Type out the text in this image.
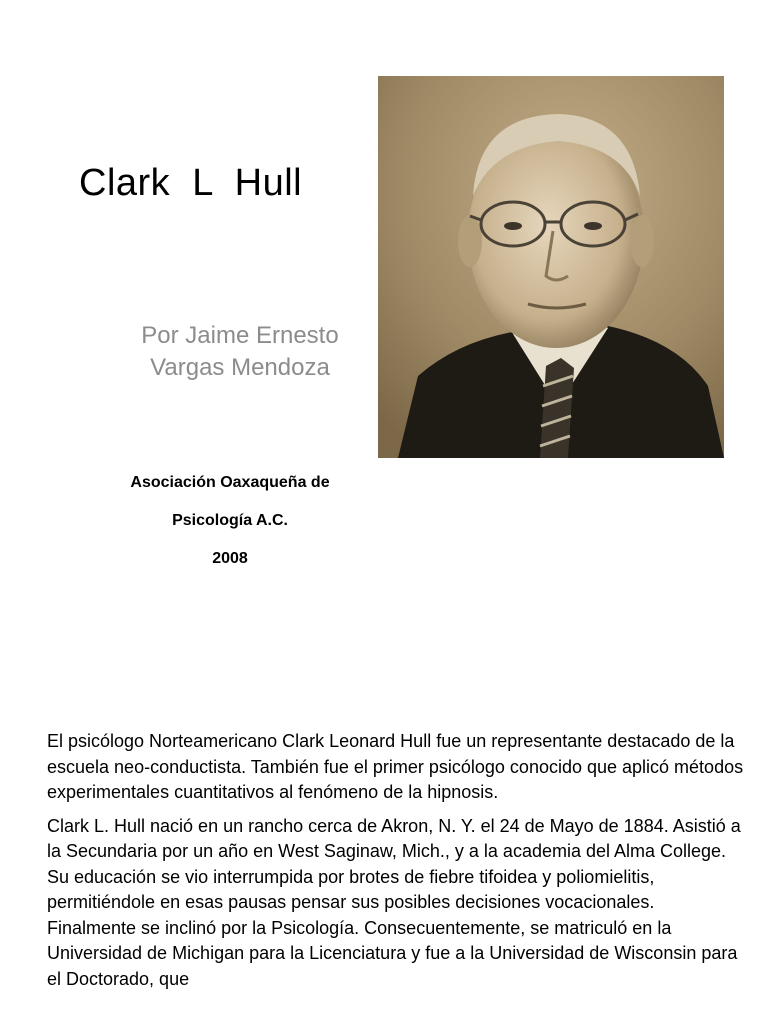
Clark  L  Hull
Por Jaime Ernesto Vargas Mendoza
Asociación Oaxaqueña de
Psicología A.C.
2008

El psicólogo Norteamericano Clark Leonard Hull fue un representante destacado de la escuela neo-conductista. También fue el primer psicólogo conocido que aplicó métodos experimentales cuantitativos al fenómeno de la hipnosis.

Clark L. Hull nació en un rancho cerca de Akron, N. Y. el 24 de Mayo de 1884. Asistió a la Secundaria por un año en West Saginaw, Mich., y a la academia del Alma College. Su educación se vio interrumpida por brotes de fiebre tifoidea y poliomielitis, permitiéndole en esas pausas pensar sus posibles decisiones vocacionales. Finalmente se inclinó por la Psicología. Consecuentemente, se matriculó en la Universidad de Michigan para la Licenciatura y fue a la Universidad de Wisconsin para el Doctorado, que
